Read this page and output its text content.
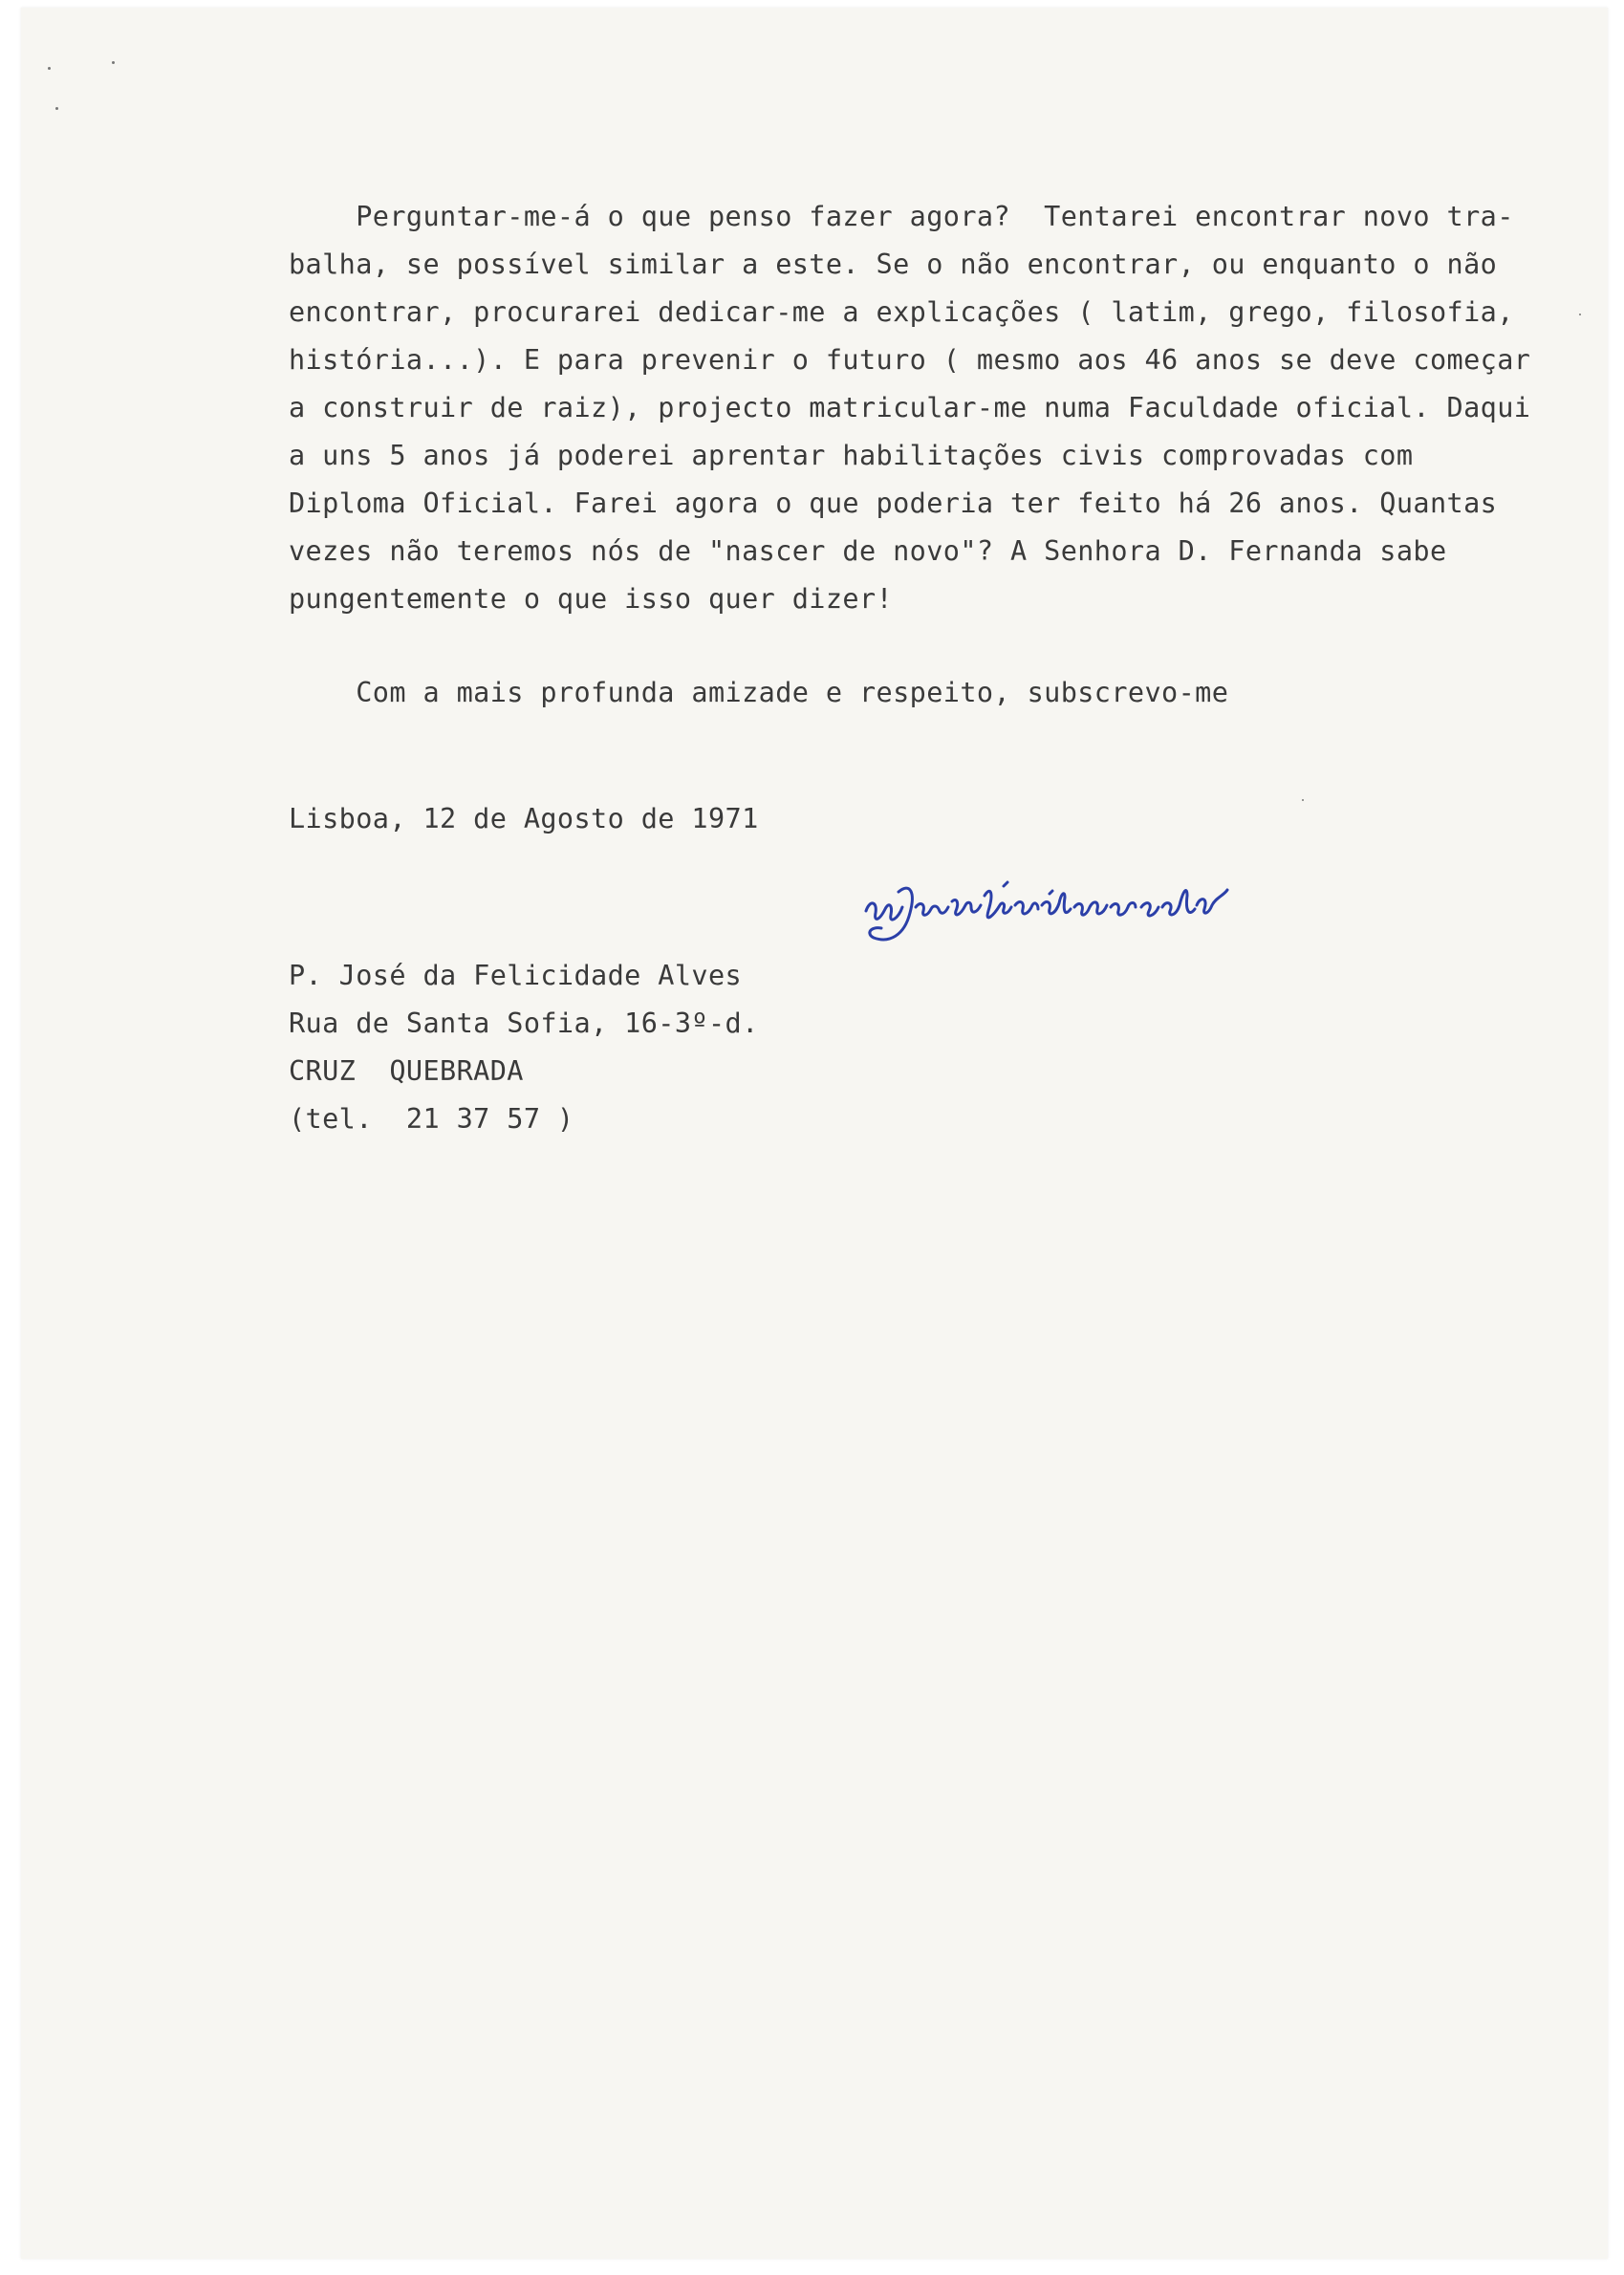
Perguntar-me-á o que penso fazer agora?  Tentarei encontrar novo tra-

balha, se possível similar a este. Se o não encontrar, ou enquanto o não

encontrar, procurarei dedicar-me a explicações ( latim, grego, filosofia,

história...). E para prevenir o futuro ( mesmo aos 46 anos se deve começar

a construir de raiz), projecto matricular-me numa Faculdade oficial. Daqui

a uns 5 anos já poderei aprentar habilitações civis comprovadas com

Diploma Oficial. Farei agora o que poderia ter feito há 26 anos. Quantas

vezes não teremos nós de "nascer de novo"? A Senhora D. Fernanda sabe

pungentemente o que isso quer dizer!

Com a mais profunda amizade e respeito, subscrevo-me

Lisboa, 12 de Agosto de 1971

P. José da Felicidade Alves

Rua de Santa Sofia, 16-3º-d.

CRUZ  QUEBRADA

(tel.  21 37 57 )
